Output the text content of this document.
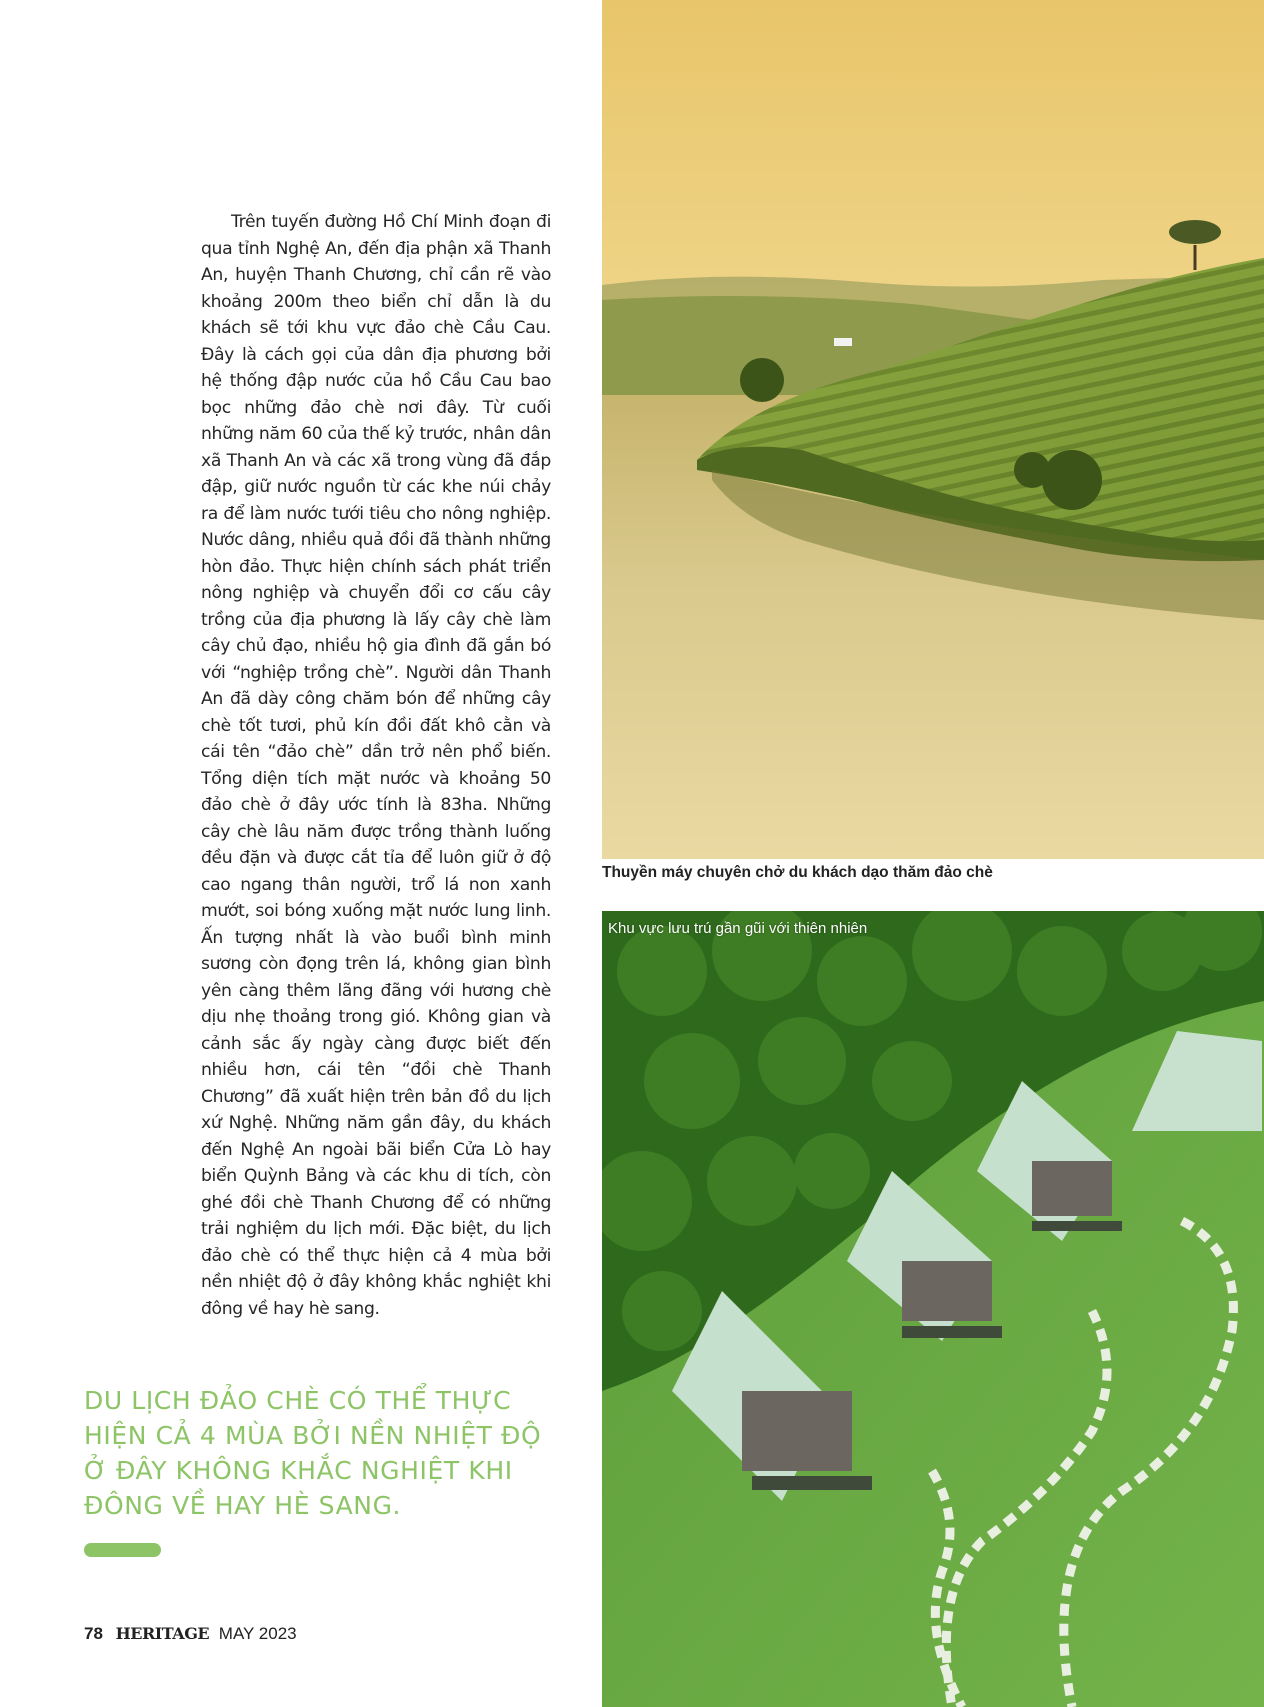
Trên tuyến đường Hồ Chí Minh đoạn đi qua tỉnh Nghệ An, đến địa phận xã Thanh An, huyện Thanh Chương, chỉ cần rẽ vào khoảng 200m theo biển chỉ dẫn là du khách sẽ tới khu vực đảo chè Cầu Cau. Đây là cách gọi của dân địa phương bởi hệ thống đập nước của hồ Cầu Cau bao bọc những đảo chè nơi đây. Từ cuối những năm 60 của thế kỷ trước, nhân dân xã Thanh An và các xã trong vùng đã đắp đập, giữ nước nguồn từ các khe núi chảy ra để làm nước tưới tiêu cho nông nghiệp. Nước dâng, nhiều quả đồi đã thành những hòn đảo. Thực hiện chính sách phát triển nông nghiệp và chuyển đổi cơ cấu cây trồng của địa phương là lấy cây chè làm cây chủ đạo, nhiều hộ gia đình đã gắn bó với “nghiệp trồng chè”. Người dân Thanh An đã dày công chăm bón để những cây chè tốt tươi, phủ kín đồi đất khô cằn và cái tên “đảo chè” dần trở nên phổ biến. Tổng diện tích mặt nước và khoảng 50 đảo chè ở đây ước tính là 83ha. Những cây chè lâu năm được trồng thành luống đều đặn và được cắt tỉa để luôn giữ ở độ cao ngang thân người, trổ lá non xanh mướt, soi bóng xuống mặt nước lung linh. Ấn tượng nhất là vào buổi bình minh sương còn đọng trên lá, không gian bình yên càng thêm lãng đãng với hương chè dịu nhẹ thoảng trong gió. Không gian và cảnh sắc ấy ngày càng được biết đến nhiều hơn, cái tên “đồi chè Thanh Chương” đã xuất hiện trên bản đồ du lịch xứ Nghệ. Những năm gần đây, du khách đến Nghệ An ngoài bãi biển Cửa Lò hay biển Quỳnh Bảng và các khu di tích, còn ghé đồi chè Thanh Chương để có những trải nghiệm du lịch mới. Đặc biệt, du lịch đảo chè có thể thực hiện cả 4 mùa bởi nền nhiệt độ ở đây không khắc nghiệt khi đông về hay hè sang.

DU LỊCH ĐẢO CHÈ CÓ THỂ THỰC HIỆN CẢ 4 MÙA BỞI NỀN NHIỆT ĐỘ Ở ĐÂY KHÔNG KHẮC NGHIỆT KHI ĐÔNG VỀ HAY HÈ SANG.
78 HERITAGE MAY 2023
Thuyền máy chuyên chở du khách dạo thăm đảo chè
Khu vực lưu trú gần gũi với thiên nhiên
